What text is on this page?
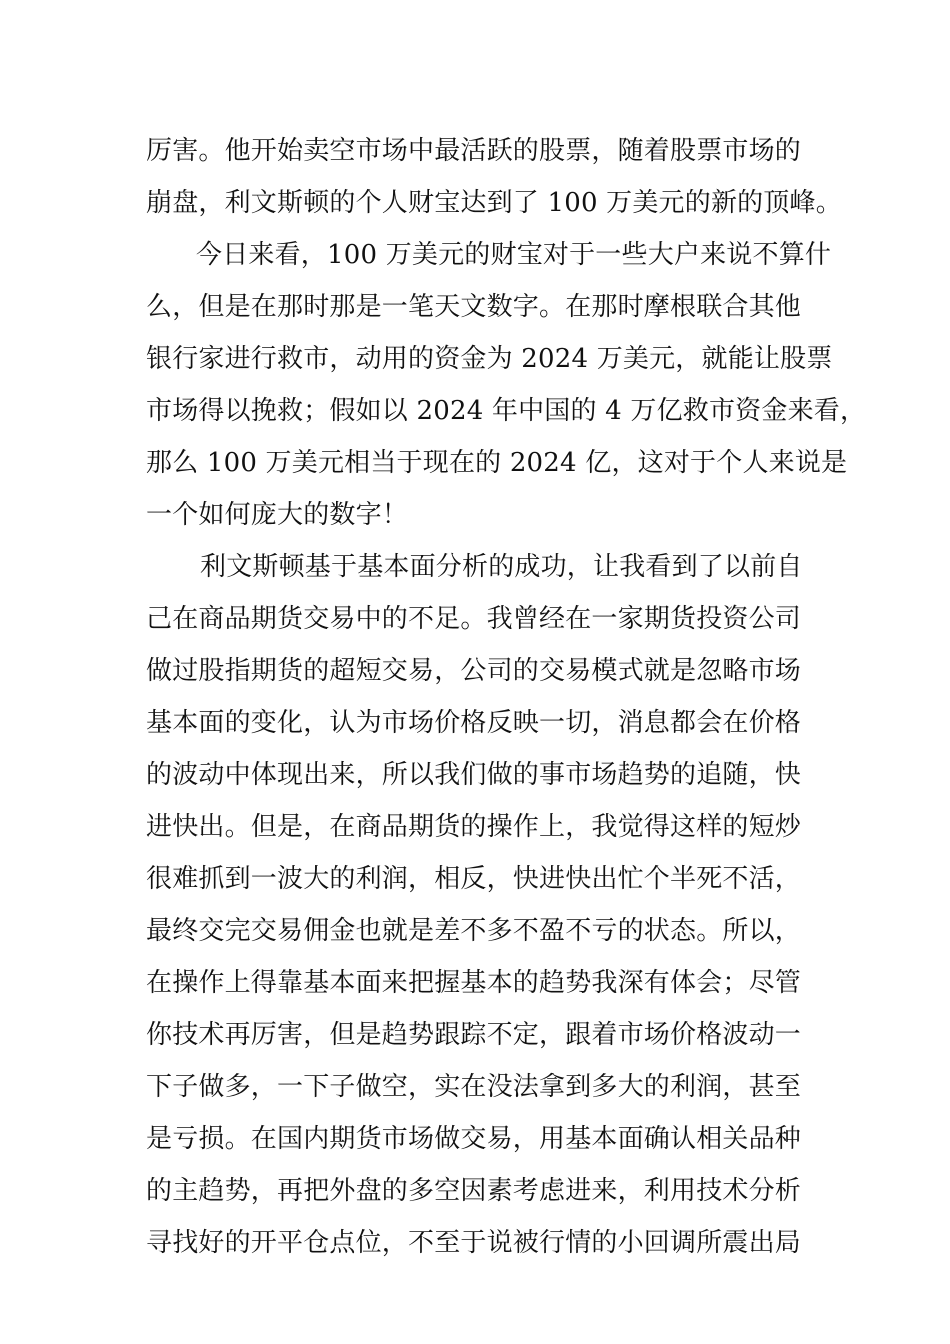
厉害。他开始卖空市场中最活跃的股票，随着股票市场的
崩盘，利文斯顿的个人财宝达到了 100 万美元的新的顶峰。
今日来看，100 万美元的财宝对于一些大户来说不算什
么，但是在那时那是一笔天文数字。在那时摩根联合其他
银行家进行救市，动用的资金为 2024 万美元，就能让股票
市场得以挽救；假如以 2024 年中国的 4 万亿救市资金来看，
那么 100 万美元相当于现在的 2024 亿，这对于个人来说是
一个如何庞大的数字！
利文斯顿基于基本面分析的成功，让我看到了以前自
己在商品期货交易中的不足。我曾经在一家期货投资公司
做过股指期货的超短交易，公司的交易模式就是忽略市场
基本面的变化，认为市场价格反映一切，消息都会在价格
的波动中体现出来，所以我们做的事市场趋势的追随，快
进快出。但是，在商品期货的操作上，我觉得这样的短炒
很难抓到一波大的利润，相反，快进快出忙个半死不活，
最终交完交易佣金也就是差不多不盈不亏的状态。所以，
在操作上得靠基本面来把握基本的趋势我深有体会；尽管
你技术再厉害，但是趋势跟踪不定，跟着市场价格波动一
下子做多，一下子做空，实在没法拿到多大的利润，甚至
是亏损。在国内期货市场做交易，用基本面确认相关品种
的主趋势，再把外盘的多空因素考虑进来，利用技术分析
寻找好的开平仓点位，不至于说被行情的小回调所震出局
